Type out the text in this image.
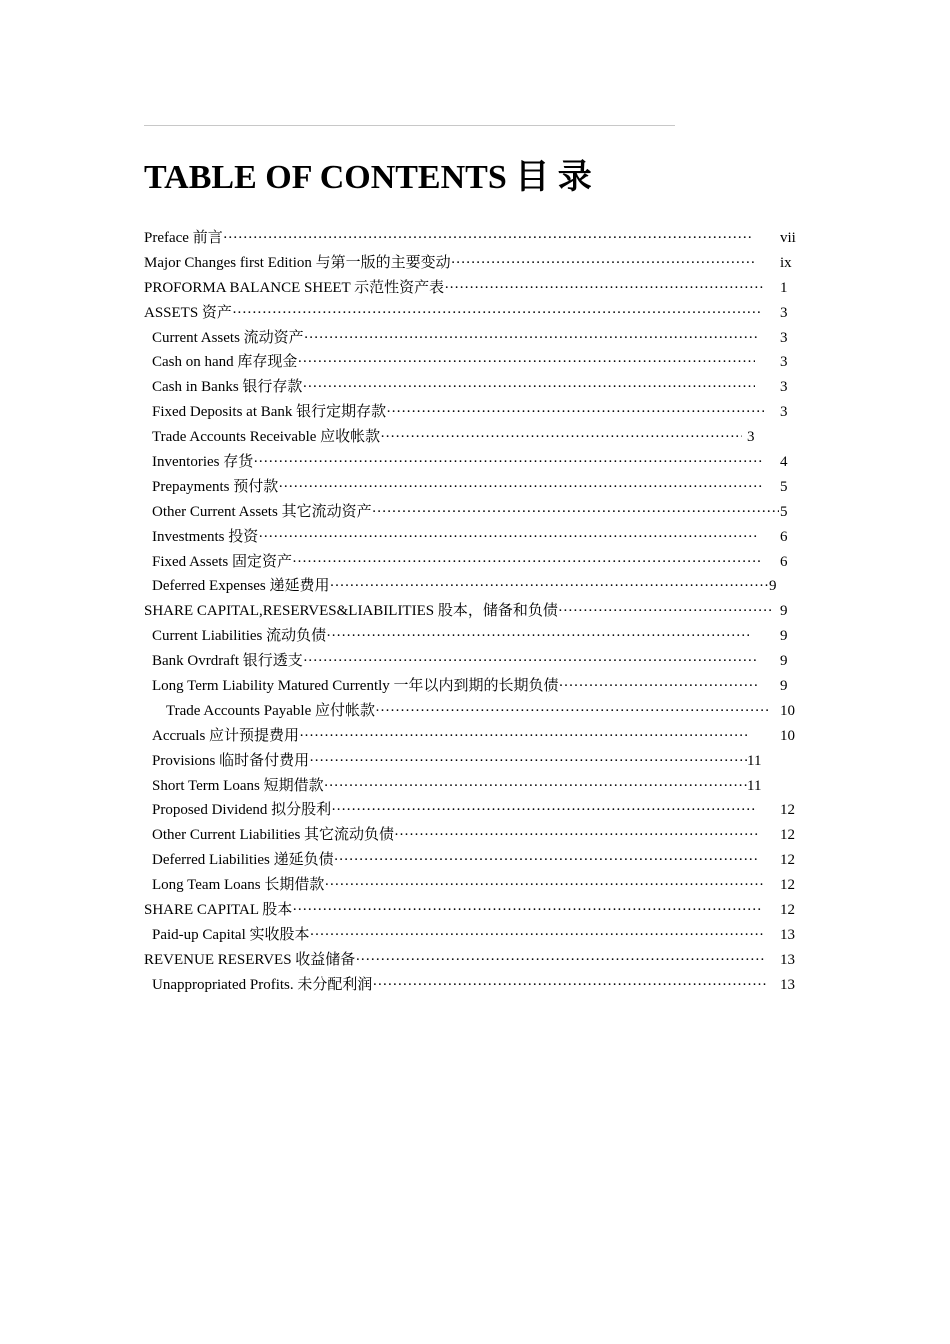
TABLE OF CONTENTS 目 录
Preface 前言 ·····	vii
Major Changes first Edition 与第一版的主要变动 ·····	ix
PROFORMA BALANCE SHEET 示范性资产表 ·····	1
ASSETS 资产 ·····	3
Current Assets 流动资产 ·····	3
Cash on hand 库存现金 ·····	3
Cash in Banks 银行存款 ·····	3
Fixed Deposits at Bank 银行定期存款 ·····	3
Trade Accounts Receivable 应收帐款 ·····	3
Inventories 存货 ·····	4
Prepayments 预付款 ·····	5
Other Current Assets 其它流动资产 ·····	5
Investments 投资 ·····	6
Fixed Assets 固定资产 ·····	6
Deferred Expenses 递延费用 ·····	9
SHARE CAPITAL,RESERVES&LIABILITIES 股本，储备和负债 ·····	9
Current Liabilities 流动负债 ·····	9
Bank Ovrdraft 银行透支 ·····	9
Long Term Liability Matured Currently 一年以内到期的长期负债 ·····	9
Trade Accounts Payable 应付帐款 ·····	10
Accruals 应计预提费用 ·····	10
Provisions 临时备付费用 ·····	11
Short Term Loans 短期借款 ·····	11
Proposed Dividend 拟分股利 ·····	12
Other Current Liabilities 其它流动负债 ·····	12
Deferred Liabilities 递延负债 ·····	12
Long Team Loans 长期借款 ·····	12
SHARE CAPITAL 股本 ·····	12
Paid-up Capital 实收股本 ·····	13
REVENUE RESERVES 收益储备 ·····	13
Unappropriated Profits. 未分配利润 ·····	13
